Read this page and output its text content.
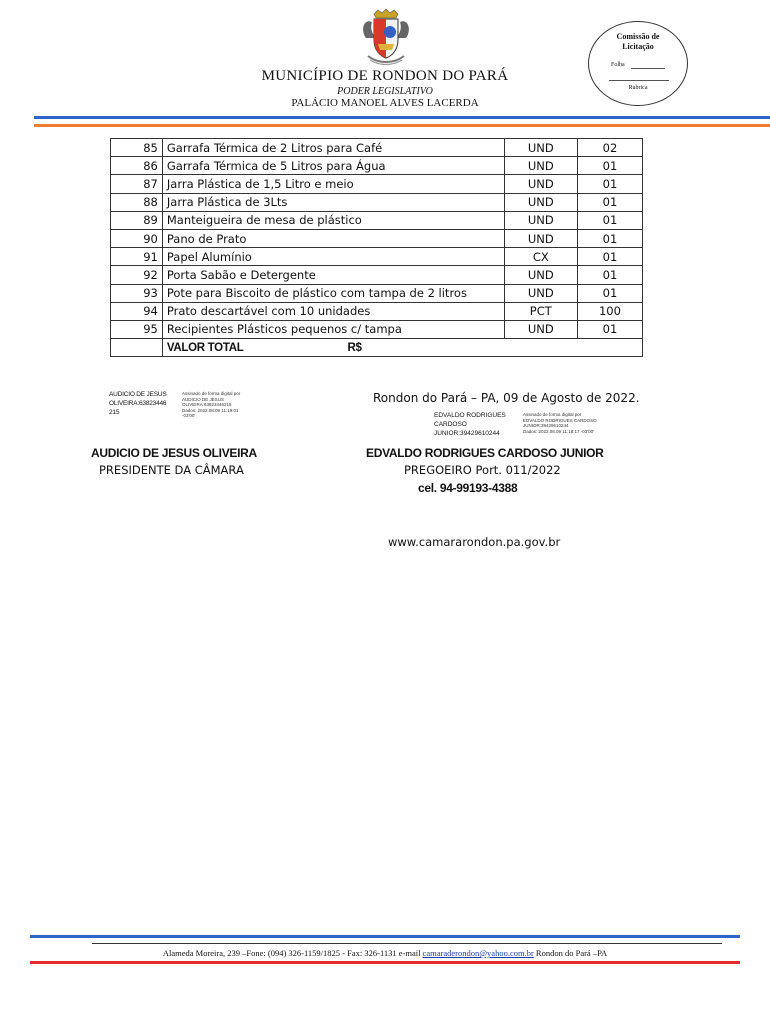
MUNICÍPIO DE RONDON DO PARÁ
PODER LEGISLATIVO
PALÁCIO MANOEL ALVES LACERDA
Comissão de
Licitação
Folha
Rubrica
85	Garrafa Térmica de 2 Litros para Café	UND	02
86	Garrafa Térmica de 5 Litros para Água	UND	01
87	Jarra Plástica de 1,5 Litro e meio	UND	01
88	Jarra Plástica de 3Lts	UND	01
89	Manteigueira de mesa de plástico	UND	01
90	Pano de Prato	UND	01
91	Papel Alumínio	CX	01
92	Porta Sabão e Detergente	UND	01
93	Pote para Biscoito de plástico com tampa de 2 litros	UND	01
94	Prato descartável com 10 unidades	PCT	100
95	Recipientes Plásticos pequenos c/ tampa	UND	01
	VALOR TOTAL R$		
AUDICIO DE JESUS
OLIVEIRA:63823446
215
Assinado de forma digital por
AUDICIO DE JESUS
OLIVEIRA:63823446215
Dados: 2022.08.09 11:19:01
-03'00'
AUDICIO DE JESUS OLIVEIRA
PRESIDENTE DA CÂMARA
Rondon do Pará – PA, 09 de Agosto de 2022.
EDVALDO RODRIGUES
CARDOSO
JUNIOR:39429610244
Assinado de forma digital por
EDVALDO RODRIGUES CARDOSO
JUNIOR:39429610244
Dados: 2022.08.09 11:18:17 -03'00'
EDVALDO RODRIGUES CARDOSO JUNIOR
PREGOEIRO Port. 011/2022
cel. 94-99193-4388
www.camararondon.pa.gov.br
Alameda Moreira, 239 –Fone: (094) 326-1159/1825 - Fax: 326-1131 e-mail camaraderondon@yahoo.com.br Rondon do Pará –PA
